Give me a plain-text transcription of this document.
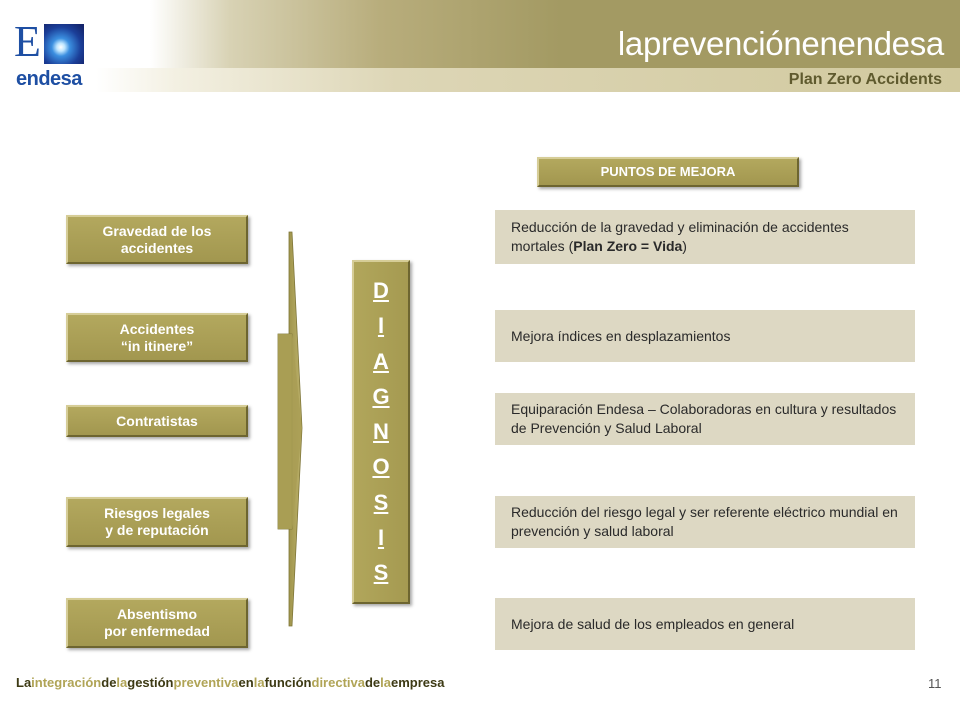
E
endesa
laprevenciónenendesa
Plan Zero Accidents
Gravedad de los
accidentes
Accidentes
“in itinere”
Contratistas
Riesgos legales
y de reputación
Absentismo
por enfermedad
D
I
A
G
N
O
S
I
S
PUNTOS DE MEJORA
Reducción de la gravedad y eliminación de accidentes mortales (Plan Zero = Vida)
Mejora índices en desplazamientos
Equiparación Endesa – Colaboradoras en cultura y resultados de Prevención y Salud Laboral
Reducción del riesgo legal y ser referente eléctrico mundial en prevención y salud laboral
Mejora de salud de los empleados en general
Laintegracióndelagestiónpreventivaenlafuncióndirectivadelaempresa	11
